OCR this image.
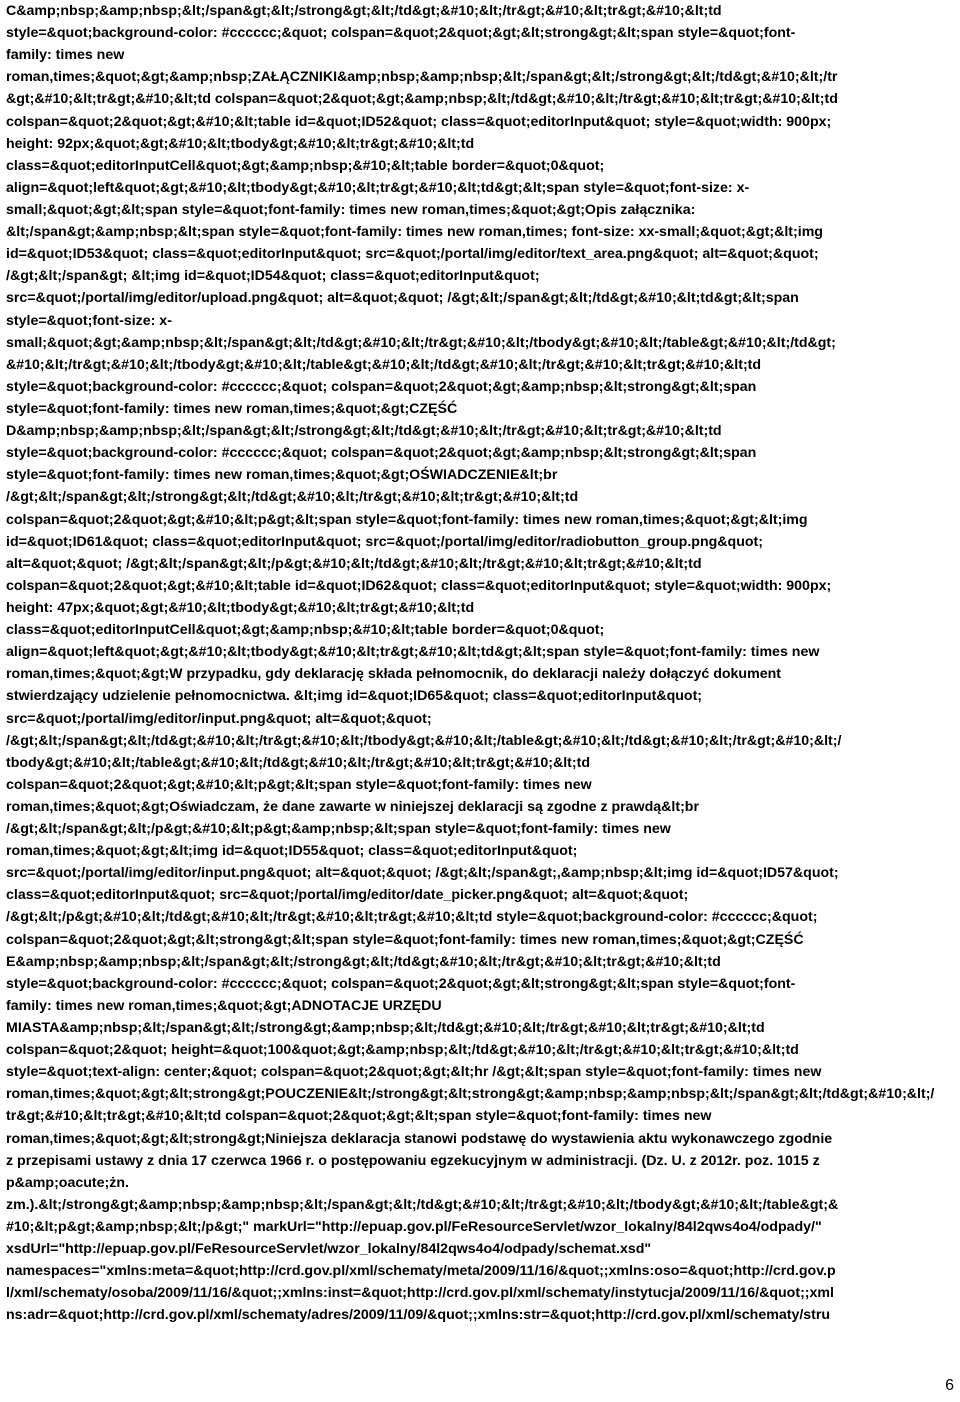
C&amp;nbsp;&amp;nbsp;&lt;/span&gt;&lt;/strong&gt;&lt;/td&gt;&#10;&lt;/tr&gt;&#10;&lt;tr&gt;&#10;&lt;td
style=&quot;background-color: #cccccc;&quot; colspan=&quot;2&quot;&gt;&lt;strong&gt;&lt;span style=&quot;font-
family: times new
roman,times;&quot;&gt;&amp;nbsp;ZAŁĄCZNIKI&amp;nbsp;&amp;nbsp;&lt;/span&gt;&lt;/strong&gt;&lt;/td&gt;&#10;&lt;/tr
&gt;&#10;&lt;tr&gt;&#10;&lt;td colspan=&quot;2&quot;&gt;&amp;nbsp;&lt;/td&gt;&#10;&lt;/tr&gt;&#10;&lt;tr&gt;&#10;&lt;td
colspan=&quot;2&quot;&gt;&#10;&lt;table id=&quot;ID52&quot; class=&quot;editorInput&quot; style=&quot;width: 900px;
height: 92px;&quot;&gt;&#10;&lt;tbody&gt;&#10;&lt;tr&gt;&#10;&lt;td
class=&quot;editorInputCell&quot;&gt;&amp;nbsp;&#10;&lt;table border=&quot;0&quot;
align=&quot;left&quot;&gt;&#10;&lt;tbody&gt;&#10;&lt;tr&gt;&#10;&lt;td&gt;&lt;span style=&quot;font-size: x-
small;&quot;&gt;&lt;span style=&quot;font-family: times new roman,times;&quot;&gt;Opis załącznika:
&lt;/span&gt;&amp;nbsp;&lt;span style=&quot;font-family: times new roman,times; font-size: xx-small;&quot;&gt;&lt;img
id=&quot;ID53&quot; class=&quot;editorInput&quot; src=&quot;/portal/img/editor/text_area.png&quot; alt=&quot;&quot;
/&gt;&lt;/span&gt; &lt;img id=&quot;ID54&quot; class=&quot;editorInput&quot;
src=&quot;/portal/img/editor/upload.png&quot; alt=&quot;&quot; /&gt;&lt;/span&gt;&lt;/td&gt;&#10;&lt;td&gt;&lt;span
style=&quot;font-size: x-
small;&quot;&gt;&amp;nbsp;&lt;/span&gt;&lt;/td&gt;&#10;&lt;/tr&gt;&#10;&lt;/tbody&gt;&#10;&lt;/table&gt;&#10;&lt;/td&gt;
&#10;&lt;/tr&gt;&#10;&lt;/tbody&gt;&#10;&lt;/table&gt;&#10;&lt;/td&gt;&#10;&lt;/tr&gt;&#10;&lt;tr&gt;&#10;&lt;td
style=&quot;background-color: #cccccc;&quot; colspan=&quot;2&quot;&gt;&amp;nbsp;&lt;strong&gt;&lt;span
style=&quot;font-family: times new roman,times;&quot;&gt;CZĘŚĆ
D&amp;nbsp;&amp;nbsp;&lt;/span&gt;&lt;/strong&gt;&lt;/td&gt;&#10;&lt;/tr&gt;&#10;&lt;tr&gt;&#10;&lt;td
style=&quot;background-color: #cccccc;&quot; colspan=&quot;2&quot;&gt;&amp;nbsp;&lt;strong&gt;&lt;span
style=&quot;font-family: times new roman,times;&quot;&gt;OŚWIADCZENIE&lt;br
/&gt;&lt;/span&gt;&lt;/strong&gt;&lt;/td&gt;&#10;&lt;/tr&gt;&#10;&lt;tr&gt;&#10;&lt;td
colspan=&quot;2&quot;&gt;&#10;&lt;p&gt;&lt;span style=&quot;font-family: times new roman,times;&quot;&gt;&lt;img
id=&quot;ID61&quot; class=&quot;editorInput&quot; src=&quot;/portal/img/editor/radiobutton_group.png&quot;
alt=&quot;&quot; /&gt;&lt;/span&gt;&lt;/p&gt;&#10;&lt;/td&gt;&#10;&lt;/tr&gt;&#10;&lt;tr&gt;&#10;&lt;td
colspan=&quot;2&quot;&gt;&#10;&lt;table id=&quot;ID62&quot; class=&quot;editorInput&quot; style=&quot;width: 900px;
height: 47px;&quot;&gt;&#10;&lt;tbody&gt;&#10;&lt;tr&gt;&#10;&lt;td
class=&quot;editorInputCell&quot;&gt;&amp;nbsp;&#10;&lt;table border=&quot;0&quot;
align=&quot;left&quot;&gt;&#10;&lt;tbody&gt;&#10;&lt;tr&gt;&#10;&lt;td&gt;&lt;span style=&quot;font-family: times new
roman,times;&quot;&gt;W przypadku, gdy deklarację składa pełnomocnik, do deklaracji należy dołączyć dokument
stwierdzający udzielenie pełnomocnictwa. &lt;img id=&quot;ID65&quot; class=&quot;editorInput&quot;
src=&quot;/portal/img/editor/input.png&quot; alt=&quot;&quot;
/&gt;&lt;/span&gt;&lt;/td&gt;&#10;&lt;/tr&gt;&#10;&lt;/tbody&gt;&#10;&lt;/table&gt;&#10;&lt;/td&gt;&#10;&lt;/tr&gt;&#10;&lt;/
tbody&gt;&#10;&lt;/table&gt;&#10;&lt;/td&gt;&#10;&lt;/tr&gt;&#10;&lt;tr&gt;&#10;&lt;td
colspan=&quot;2&quot;&gt;&#10;&lt;p&gt;&lt;span style=&quot;font-family: times new
roman,times;&quot;&gt;Oświadczam, że dane zawarte w niniejszej deklaracji są zgodne z prawdą&lt;br
/&gt;&lt;/span&gt;&lt;/p&gt;&#10;&lt;p&gt;&amp;nbsp;&lt;span style=&quot;font-family: times new
roman,times;&quot;&gt;&lt;img id=&quot;ID55&quot; class=&quot;editorInput&quot;
src=&quot;/portal/img/editor/input.png&quot; alt=&quot;&quot; /&gt;&lt;/span&gt;,&amp;nbsp;&lt;img id=&quot;ID57&quot;
class=&quot;editorInput&quot; src=&quot;/portal/img/editor/date_picker.png&quot; alt=&quot;&quot;
/&gt;&lt;/p&gt;&#10;&lt;/td&gt;&#10;&lt;/tr&gt;&#10;&lt;tr&gt;&#10;&lt;td style=&quot;background-color: #cccccc;&quot;
colspan=&quot;2&quot;&gt;&lt;strong&gt;&lt;span style=&quot;font-family: times new roman,times;&quot;&gt;CZĘŚĆ
E&amp;nbsp;&amp;nbsp;&lt;/span&gt;&lt;/strong&gt;&lt;/td&gt;&#10;&lt;/tr&gt;&#10;&lt;tr&gt;&#10;&lt;td
style=&quot;background-color: #cccccc;&quot; colspan=&quot;2&quot;&gt;&lt;strong&gt;&lt;span style=&quot;font-
family: times new roman,times;&quot;&gt;ADNOTACJE URZĘDU
MIASTA&amp;nbsp;&lt;/span&gt;&lt;/strong&gt;&amp;nbsp;&lt;/td&gt;&#10;&lt;/tr&gt;&#10;&lt;tr&gt;&#10;&lt;td
colspan=&quot;2&quot; height=&quot;100&quot;&gt;&amp;nbsp;&lt;/td&gt;&#10;&lt;/tr&gt;&#10;&lt;tr&gt;&#10;&lt;td
style=&quot;text-align: center;&quot; colspan=&quot;2&quot;&gt;&lt;hr /&gt;&lt;span style=&quot;font-family: times new
roman,times;&quot;&gt;&lt;strong&gt;POUCZENIE&lt;/strong&gt;&lt;strong&gt;&amp;nbsp;&amp;nbsp;&lt;/span&gt;&lt;/td&gt;&#10;&lt;/
tr&gt;&#10;&lt;tr&gt;&#10;&lt;td colspan=&quot;2&quot;&gt;&lt;span style=&quot;font-family: times new
roman,times;&quot;&gt;&lt;strong&gt;Niniejsza deklaracja stanowi podstawę do wystawienia aktu wykonawczego zgodnie
z przepisami ustawy z dnia 17 czerwca 1966 r. o postępowaniu egzekucyjnym w administracji. (Dz. U. z 2012r. poz. 1015 z
p&amp;oacute;żn.
zm.).&lt;/strong&gt;&amp;nbsp;&amp;nbsp;&lt;/span&gt;&lt;/td&gt;&#10;&lt;/tr&gt;&#10;&lt;/tbody&gt;&#10;&lt;/table&gt;&
#10;&lt;p&gt;&amp;nbsp;&lt;/p&gt;" markUrl="http://epuap.gov.pl/FeResourceServlet/wzor_lokalny/84l2qws4o4/odpady/"
xsdUrl="http://epuap.gov.pl/FeResourceServlet/wzor_lokalny/84l2qws4o4/odpady/schemat.xsd"
namespaces="xmlns:meta=&quot;http://crd.gov.pl/xml/schematy/meta/2009/11/16/&quot;;xmlns:oso=&quot;http://crd.gov.p
l/xml/schematy/osoba/2009/11/16/&quot;;xmlns:inst=&quot;http://crd.gov.pl/xml/schematy/instytucja/2009/11/16/&quot;;xml
ns:adr=&quot;http://crd.gov.pl/xml/schematy/adres/2009/11/09/&quot;;xmlns:str=&quot;http://crd.gov.pl/xml/schematy/stru
6
